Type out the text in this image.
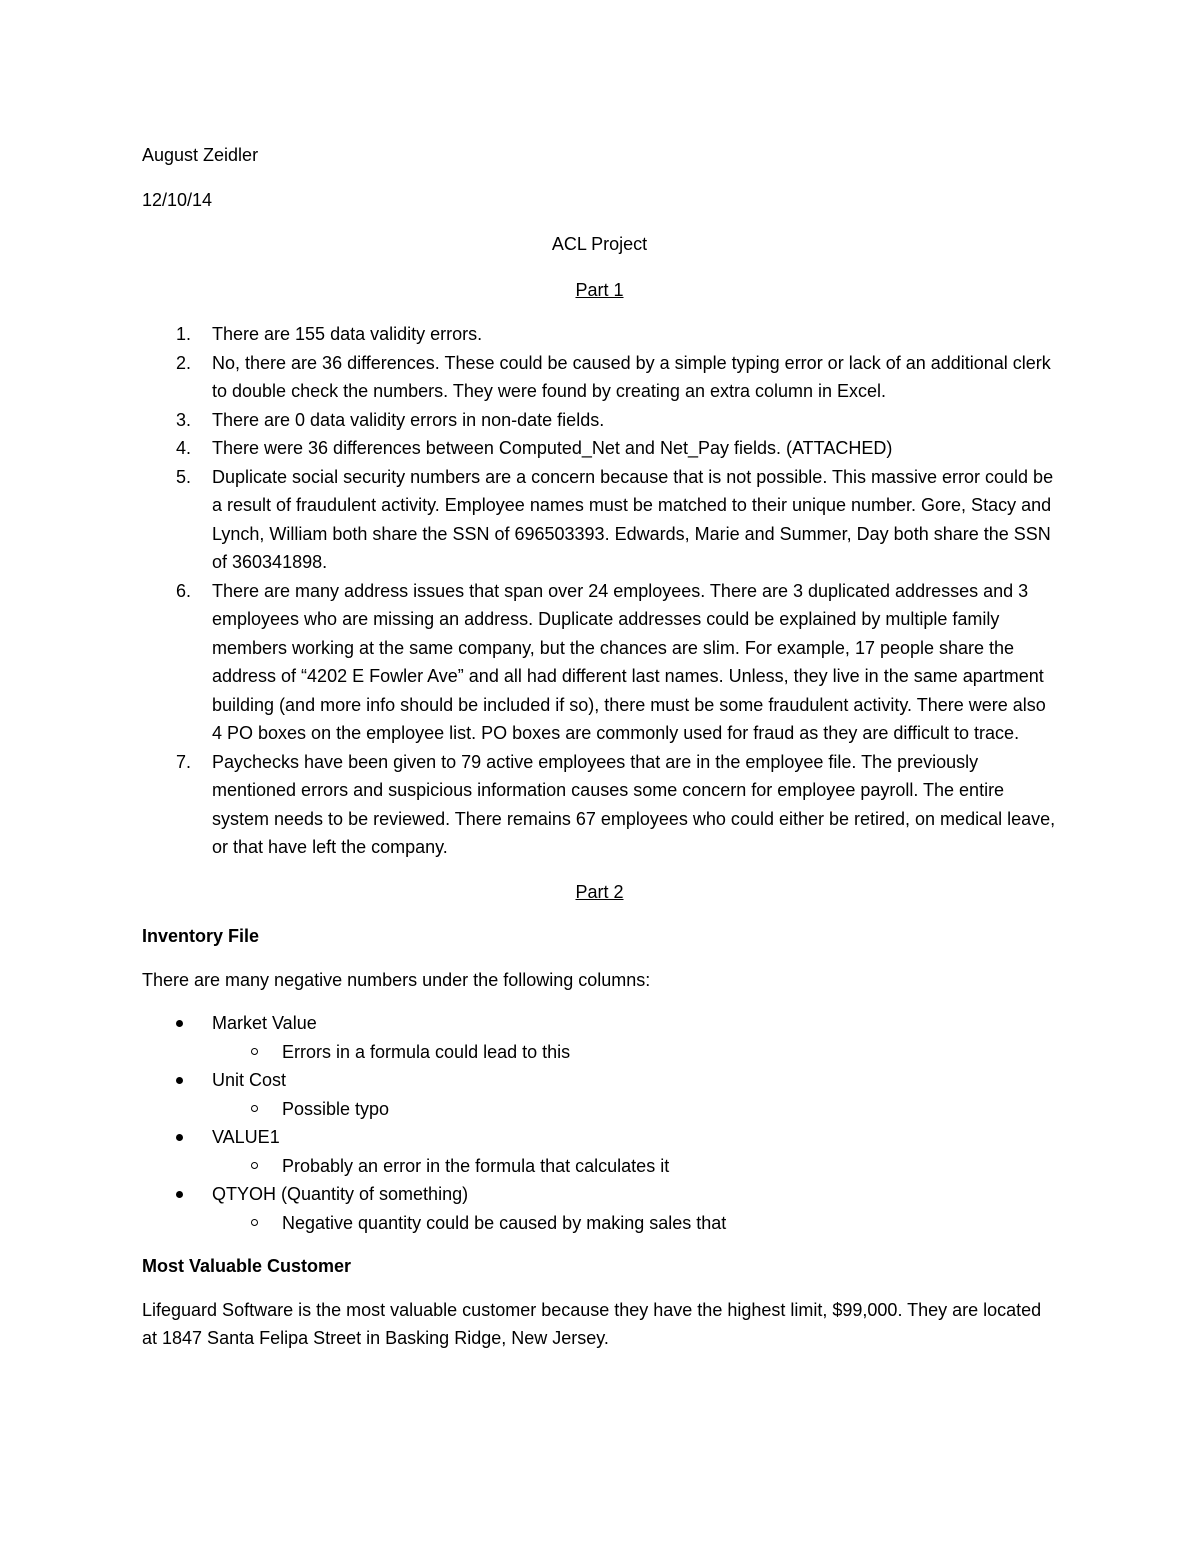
August Zeidler

12/10/14

ACL Project

Part 1

1. There are 155 data validity errors.
2. No, there are 36 differences. These could be caused by a simple typing error or lack of an additional clerk to double check the numbers. They were found by creating an extra column in Excel.
3. There are 0 data validity errors in non-date fields.
4. There were 36 differences between Computed_Net and Net_Pay fields. (ATTACHED)
5. Duplicate social security numbers are a concern because that is not possible. This massive error could be a result of fraudulent activity. Employee names must be matched to their unique number. Gore, Stacy and Lynch, William both share the SSN of 696503393. Edwards, Marie and Summer, Day both share the SSN of 360341898.
6. There are many address issues that span over 24 employees. There are 3 duplicated addresses and 3 employees who are missing an address. Duplicate addresses could be explained by multiple family members working at the same company, but the chances are slim. For example, 17 people share the address of “4202 E Fowler Ave” and all had different last names. Unless, they live in the same apartment building (and more info should be included if so), there must be some fraudulent activity. There were also 4 PO boxes on the employee list. PO boxes are commonly used for fraud as they are difficult to trace.
7. Paychecks have been given to 79 active employees that are in the employee file. The previously mentioned errors and suspicious information causes some concern for employee payroll. The entire system needs to be reviewed. There remains 67 employees who could either be retired, on medical leave, or that have left the company.

Part 2

Inventory File

There are many negative numbers under the following columns:

Market Value
Errors in a formula could lead to this
Unit Cost
Possible typo
VALUE1
Probably an error in the formula that calculates it
QTYOH (Quantity of something)
Negative quantity could be caused by making sales that

Most Valuable Customer

Lifeguard Software is the most valuable customer because they have the highest limit, $99,000. They are located at 1847 Santa Felipa Street in Basking Ridge, New Jersey.
